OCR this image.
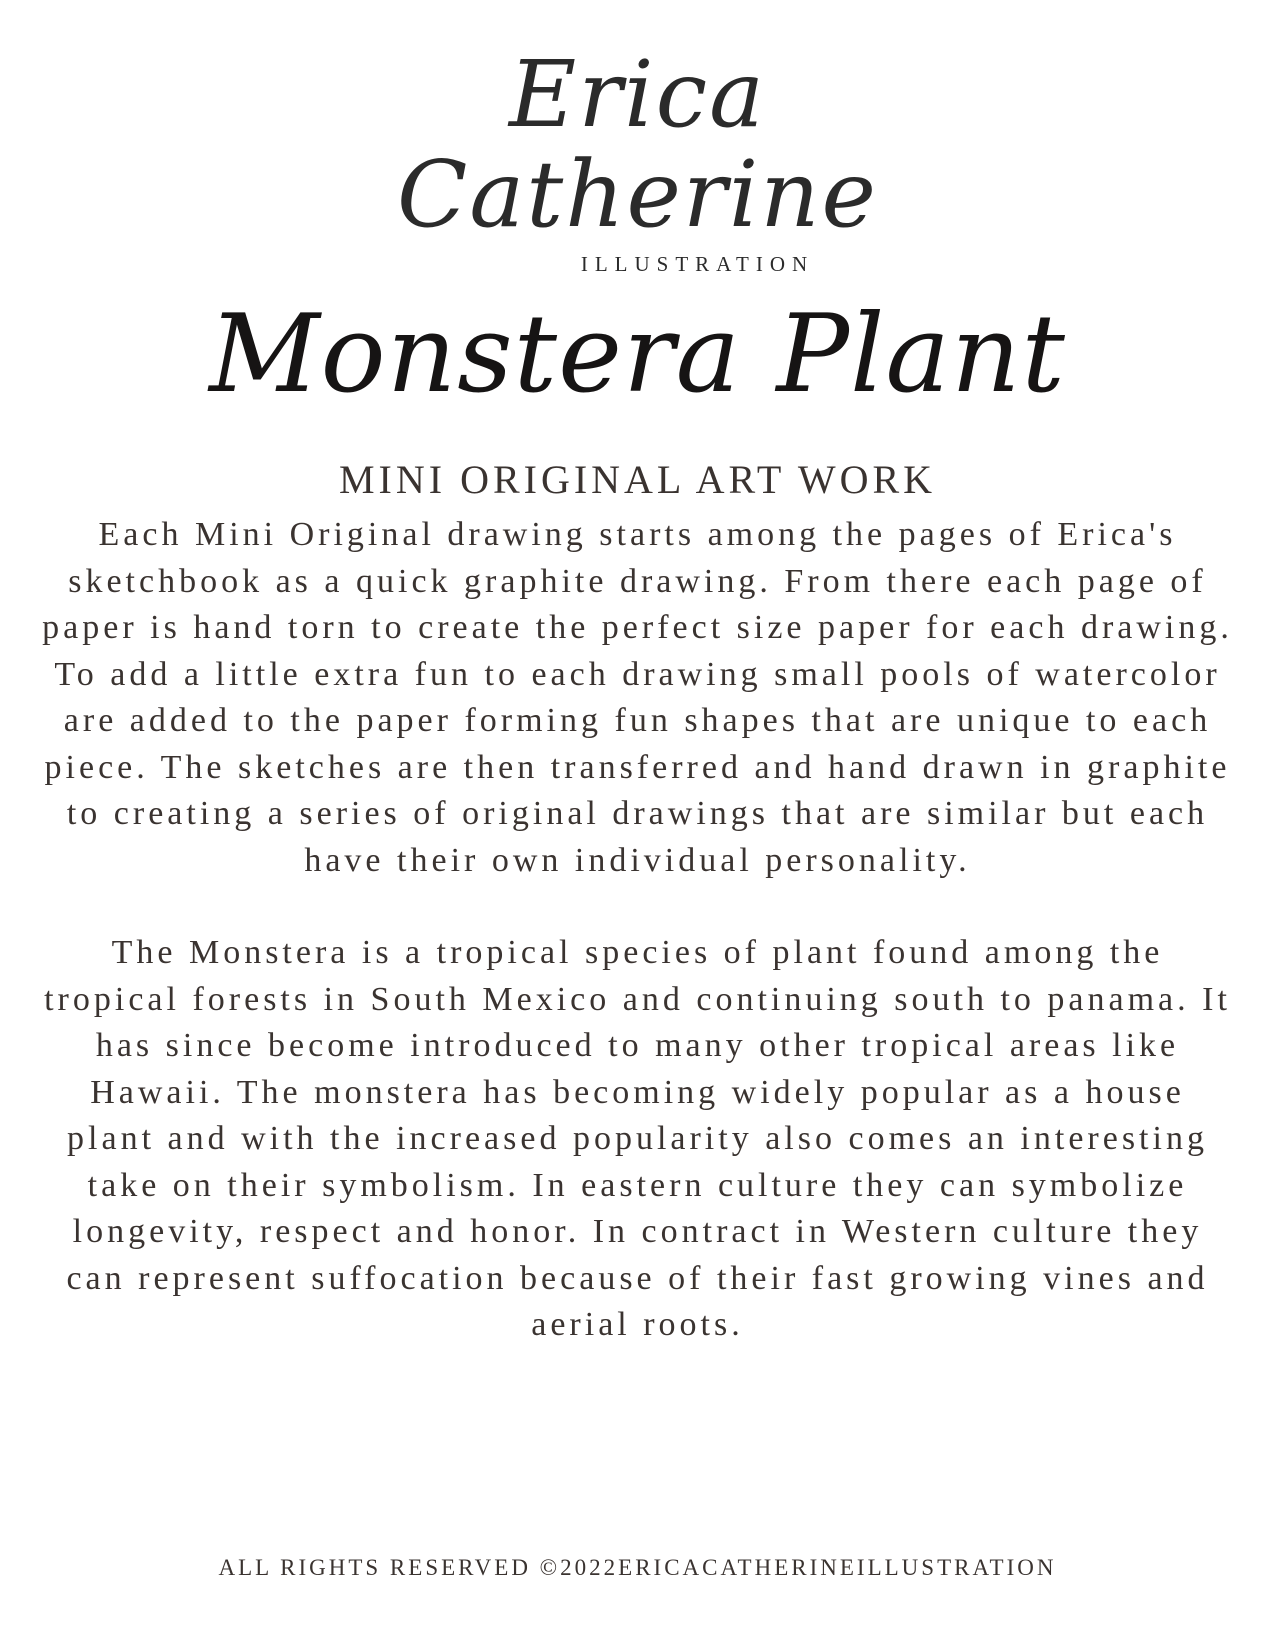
Erica
Catherine
ILLUSTRATION
Monstera Plant
MINI ORIGINAL ART WORK

Each Mini Original drawing starts among the pages of Erica's sketchbook as a quick graphite drawing. From there each page of paper is hand torn to create the perfect size paper for each drawing. To add a little extra fun to each drawing small pools of watercolor are added to the paper forming fun shapes that are unique to each piece. The sketches are then transferred and hand drawn in graphite to creating a series of original drawings that are similar but each have their own individual personality.

The Monstera is a tropical species of plant found among the tropical forests in South Mexico and continuing south to panama. It has since become introduced to many other tropical areas like Hawaii. The monstera has becoming widely popular as a house plant and with the increased popularity also comes an interesting take on their symbolism. In eastern culture they can symbolize longevity, respect and honor. In contract in Western culture they can represent suffocation because of their fast growing vines and aerial roots.

ALL RIGHTS RESERVED ©2022ERICACATHERINEILLUSTRATION
